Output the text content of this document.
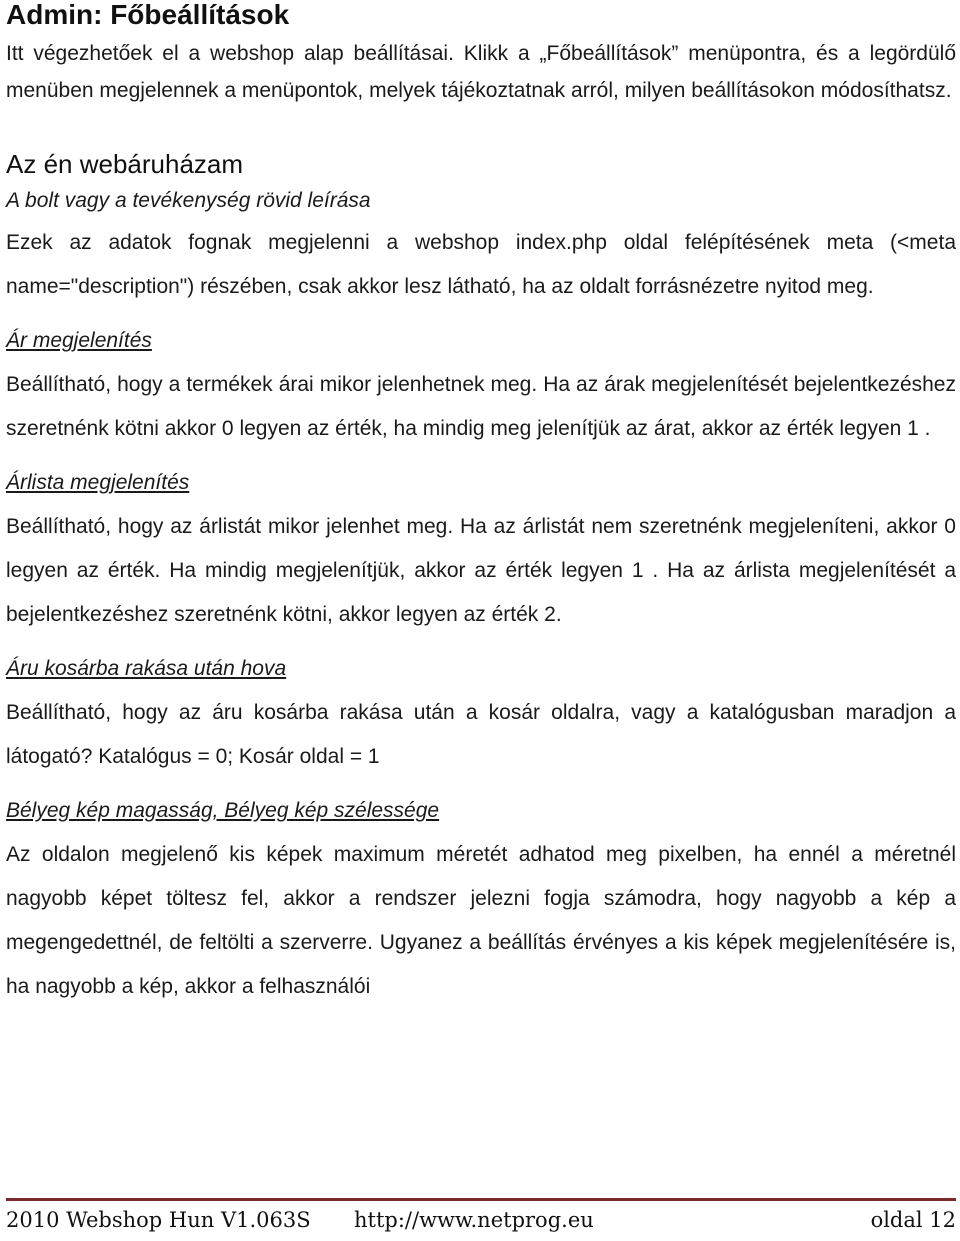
Admin: Főbeállítások

Itt végezhetőek el a webshop alap beállításai. Klikk a „Főbeállítások” menüpontra, és a legördülő menüben megjelennek a menüpontok, melyek tájékoztatnak arról, milyen beállításokon módosíthatsz.

Az én webáruházam
A bolt vagy a tevékenység rövid leírása

Ezek az adatok fognak megjelenni a webshop index.php oldal felépítésének meta (<meta name="description") részében, csak akkor lesz látható, ha az oldalt forrásnézetre nyitod meg.

Ár megjelenítés

Beállítható, hogy a termékek árai mikor jelenhetnek meg. Ha az árak megjelenítését bejelentkezéshez szeretnénk kötni akkor 0 legyen az érték, ha mindig meg jelenítjük az árat, akkor az érték legyen 1 .

Árlista megjelenítés

Beállítható, hogy az árlistát mikor jelenhet meg. Ha az árlistát nem szeretnénk megjeleníteni, akkor 0 legyen az érték. Ha mindig megjelenítjük, akkor az érték legyen 1 . Ha az árlista megjelenítését a bejelentkezéshez szeretnénk kötni, akkor legyen az érték 2.

Áru kosárba rakása után hova

Beállítható, hogy az áru kosárba rakása után a kosár oldalra, vagy a katalógusban maradjon a látogató? Katalógus = 0; Kosár oldal = 1

Bélyeg kép magasság, Bélyeg kép szélessége

Az oldalon megjelenő kis képek maximum méretét adhatod meg pixelben, ha ennél a méretnél nagyobb képet töltesz fel, akkor a rendszer jelezni fogja számodra, hogy nagyobb a kép a megengedettnél, de feltölti a szerverre. Ugyanez a beállítás érvényes a kis képek megjelenítésére is, ha nagyobb a kép, akkor a felhasználói

2010 Webshop Hun V1.063S http://www.netprog.eu	oldal 12
